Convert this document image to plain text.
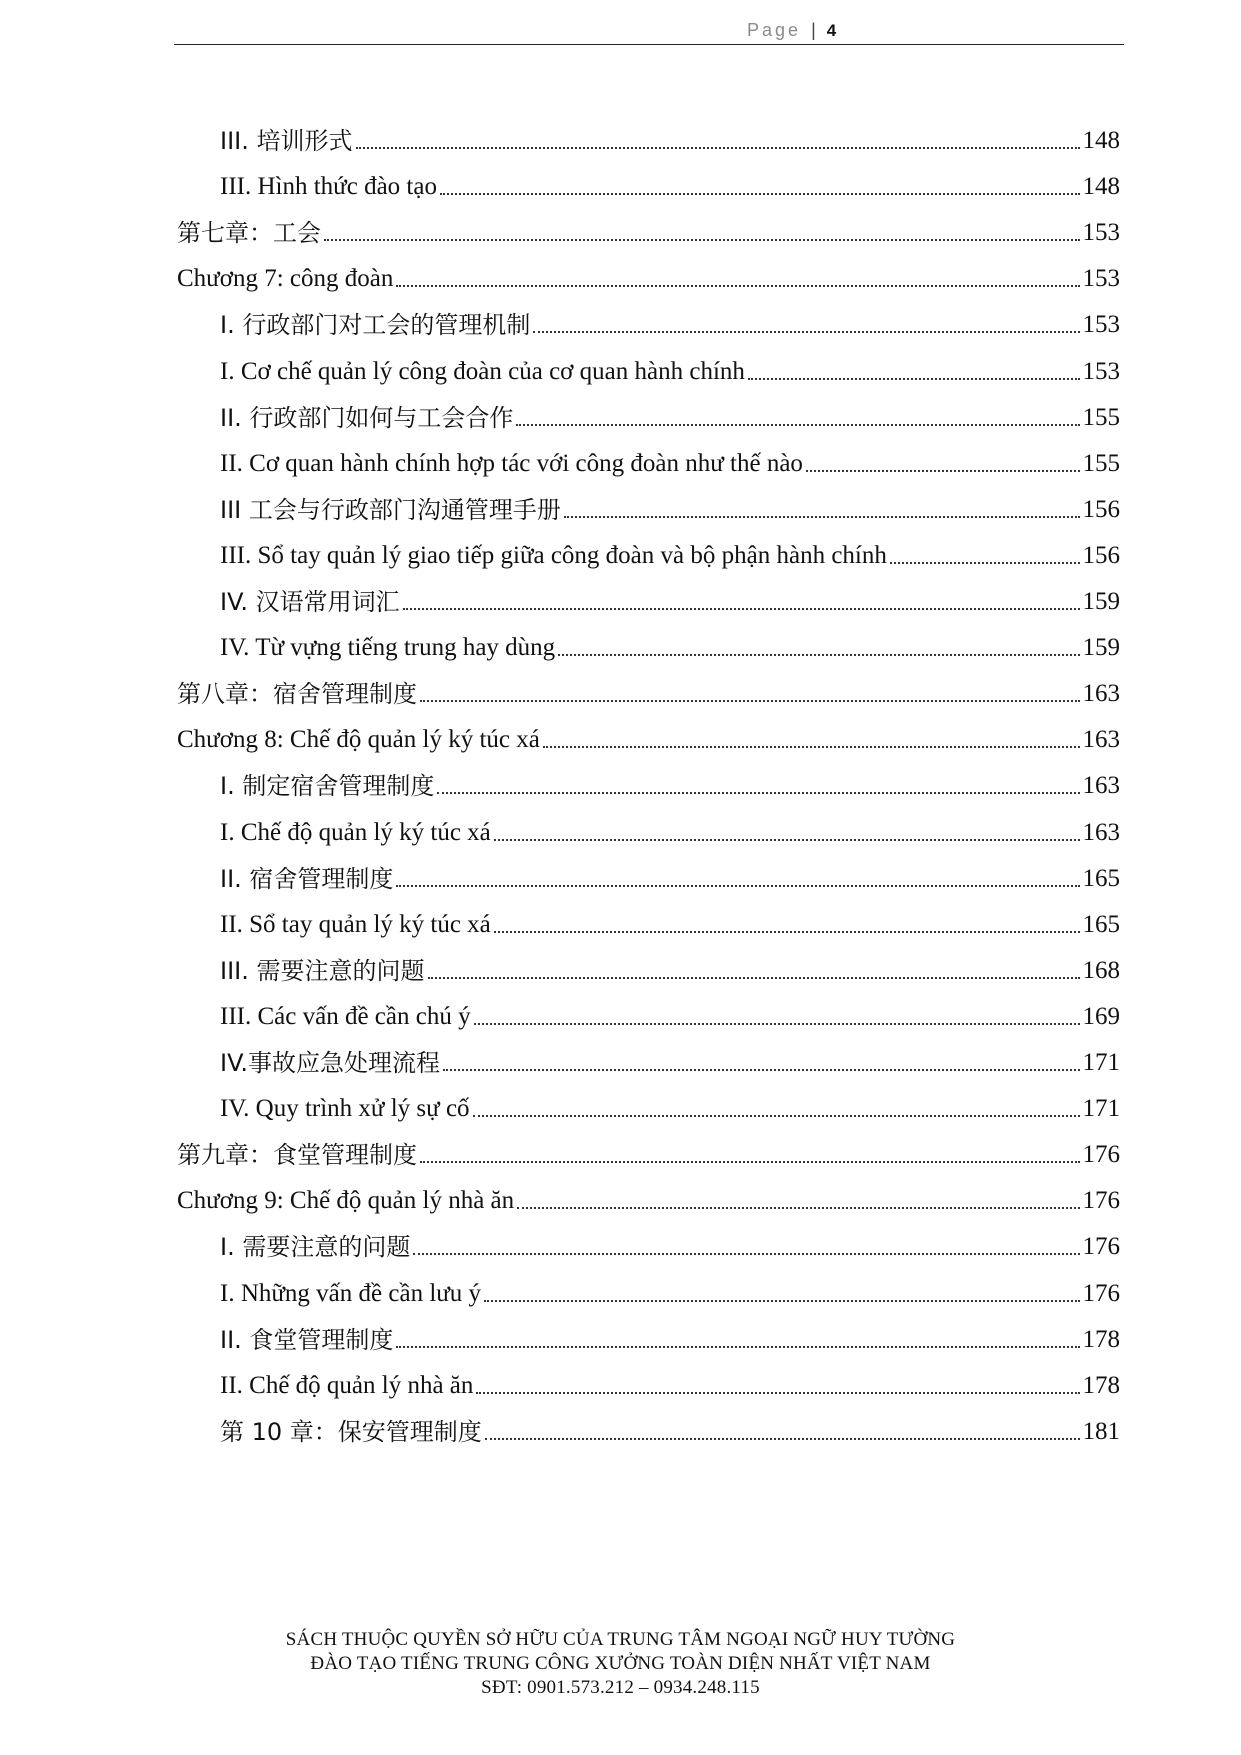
Page | 4
III. 培训形式	148
III. Hình thức đào tạo	148
第七章：工会	153
Chương 7: công đoàn	153
I. 行政部门对工会的管理机制	153
I. Cơ chế quản lý công đoàn của cơ quan hành chính	153
II. 行政部门如何与工会合作	155
II. Cơ quan hành chính hợp tác với công đoàn như thế nào	155
III 工会与行政部门沟通管理手册	156
III. Sổ tay quản lý giao tiếp giữa công đoàn và bộ phận hành chính	156
IV. 汉语常用词汇	159
IV. Từ vựng tiếng trung hay dùng	159
第八章：宿舍管理制度	163
Chương 8: Chế độ quản lý ký túc xá	163
I. 制定宿舍管理制度	163
I. Chế độ quản lý ký túc xá	163
II. 宿舍管理制度	165
II. Sổ tay quản lý ký túc xá	165
III. 需要注意的问题	168
III. Các vấn đề cần chú ý	169
IV.事故应急处理流程	171
IV. Quy trình xử lý sự cố	171
第九章：食堂管理制度	176
Chương 9: Chế độ quản lý nhà ăn	176
I. 需要注意的问题	176
I. Những vấn đề cần lưu ý	176
II. 食堂管理制度	178
II. Chế độ quản lý nhà ăn	178
第 10 章：保安管理制度	181
SÁCH THUỘC QUYỀN SỞ HỮU CỦA TRUNG TÂM NGOẠI NGỮ HUY TƯỜNG
ĐÀO TẠO TIẾNG TRUNG CÔNG XƯỞNG TOÀN DIỆN NHẤT VIỆT NAM
SĐT: 0901.573.212 – 0934.248.115
